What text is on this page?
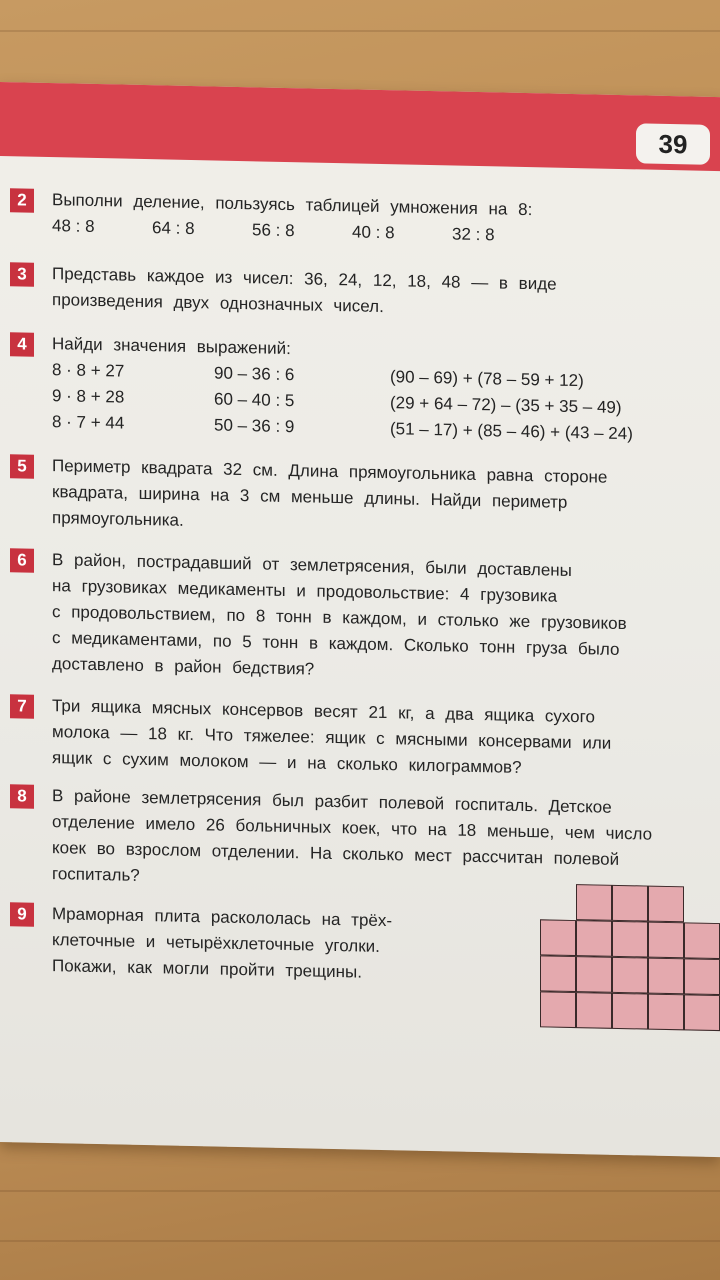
39
2	Выполни деление, пользуясь таблицей умножения на 8:
48 : 8	64 : 8	56 : 8	40 : 8	32 : 8
3	Представь каждое из чисел: 36, 24, 12, 18, 48 — в виде
произведения двух однозначных чисел.
4	Найди значения выражений:
8 · 8 + 27	90 – 36 : 6	(90 – 69) + (78 – 59 + 12)
9 · 8 + 28	60 – 40 : 5	(29 + 64 – 72) – (35 + 35 – 49)
8 · 7 + 44	50 – 36 : 9	(51 – 17) + (85 – 46) + (43 – 24)
5	Периметр квадрата 32 см. Длина прямоугольника равна стороне
квадрата, ширина на 3 см меньше длины. Найди периметр
прямоугольника.
6	В район, пострадавший от землетрясения, были доставлены
на грузовиках медикаменты и продовольствие: 4 грузовика
с продовольствием, по 8 тонн в каждом, и столько же грузовиков
с медикаментами, по 5 тонн в каждом. Сколько тонн груза было
доставлено в район бедствия?
7	Три ящика мясных консервов весят 21 кг, а два ящика сухого
молока — 18 кг. Что тяжелее: ящик с мясными консервами или
ящик с сухим молоком — и на сколько килограммов?
8	В районе землетрясения был разбит полевой госпиталь. Детское
отделение имело 26 больничных коек, что на 18 меньше, чем число
коек во взрослом отделении. На сколько мест рассчитан полевой
госпиталь?
9	Мраморная плита раскололась на трёх-
клеточные и четырёхклеточные уголки.
Покажи, как могли пройти трещины.
